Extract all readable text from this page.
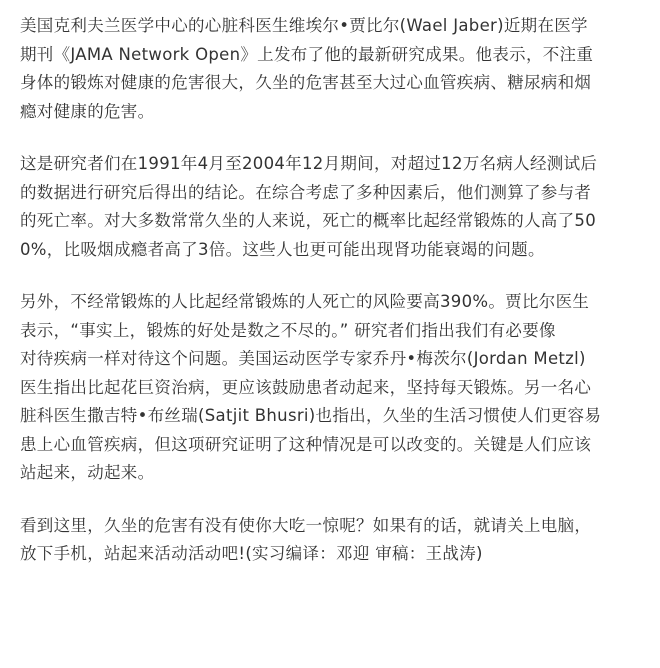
美国克利夫兰医学中心的心脏科医生维埃尔•贾比尔(Wael Jaber)近期在医学
期刊《JAMA Network Open》上发布了他的最新研究成果。他表示，不注重
身体的锻炼对健康的危害很大，久坐的危害甚至大过心血管疾病、糖尿病和烟
瘾对健康的危害。
这是研究者们在1991年4月至2004年12月期间，对超过12万名病人经测试后
的数据进行研究后得出的结论。在综合考虑了多种因素后，他们测算了参与者
的死亡率。对大多数常常久坐的人来说，死亡的概率比起经常锻炼的人高了50
0%，比吸烟成瘾者高了3倍。这些人也更可能出现肾功能衰竭的问题。
另外，不经常锻炼的人比起经常锻炼的人死亡的风险要高390%。贾比尔医生
表示，“事实上，锻炼的好处是数之不尽的。” 研究者们指出我们有必要像
对待疾病一样对待这个问题。美国运动医学专家乔丹•梅茨尔(Jordan Metzl)
医生指出比起花巨资治病，更应该鼓励患者动起来，坚持每天锻炼。另一名心
脏科医生撒吉特•布丝瑞(Satjit Bhusri)也指出，久坐的生活习惯使人们更容易
患上心血管疾病，但这项研究证明了这种情况是可以改变的。关键是人们应该
站起来，动起来。
看到这里，久坐的危害有没有使你大吃一惊呢？如果有的话，就请关上电脑，
放下手机，站起来活动活动吧!(实习编译：邓迎 审稿：王战涛)
